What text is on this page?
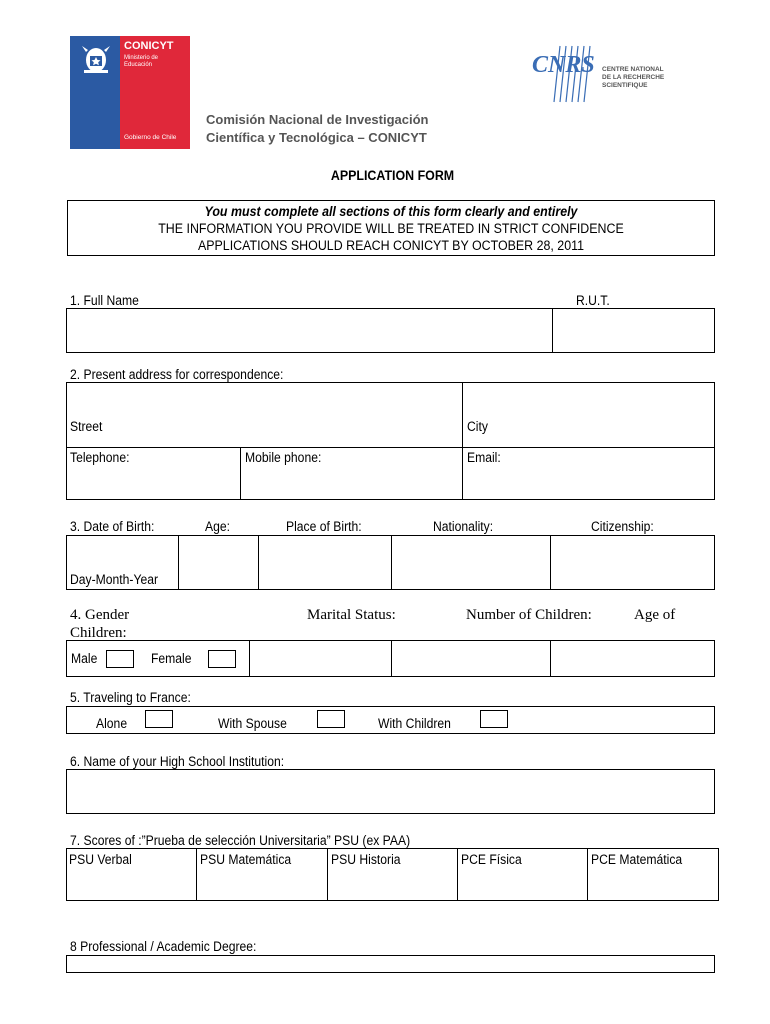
CONICYT
Ministerio de
Educación
Gobierno de Chile
Comisión Nacional de Investigación
Científica y Tecnológica – CONICYT
CNRS CENTRE NATIONAL
DE LA RECHERCHE
SCIENTIFIQUE
APPLICATION FORM
You must complete all sections of this form clearly and entirely
THE INFORMATION YOU PROVIDE WILL BE TREATED IN STRICT CONFIDENCE
APPLICATIONS SHOULD REACH CONICYT BY OCTOBER 28, 2011
1. Full Name	R.U.T.
2. Present address for correspondence:
Street	City
Telephone:	Mobile phone:	Email:
3. Date of Birth:	Age:	Place of Birth:	Nationality:	Citizenship:
Day-Month-Year
4. Gender	Marital Status:	Number of Children:	Age of
Children:
Male	Female
5. Traveling to France:
Alone	With Spouse	With Children
6. Name of your High School Institution:
7. Scores of :”Prueba de selección Universitaria” PSU (ex PAA)
PSU Verbal	PSU Matemática	PSU Historia	PCE Física	PCE Matemática
8 Professional / Academic Degree:
